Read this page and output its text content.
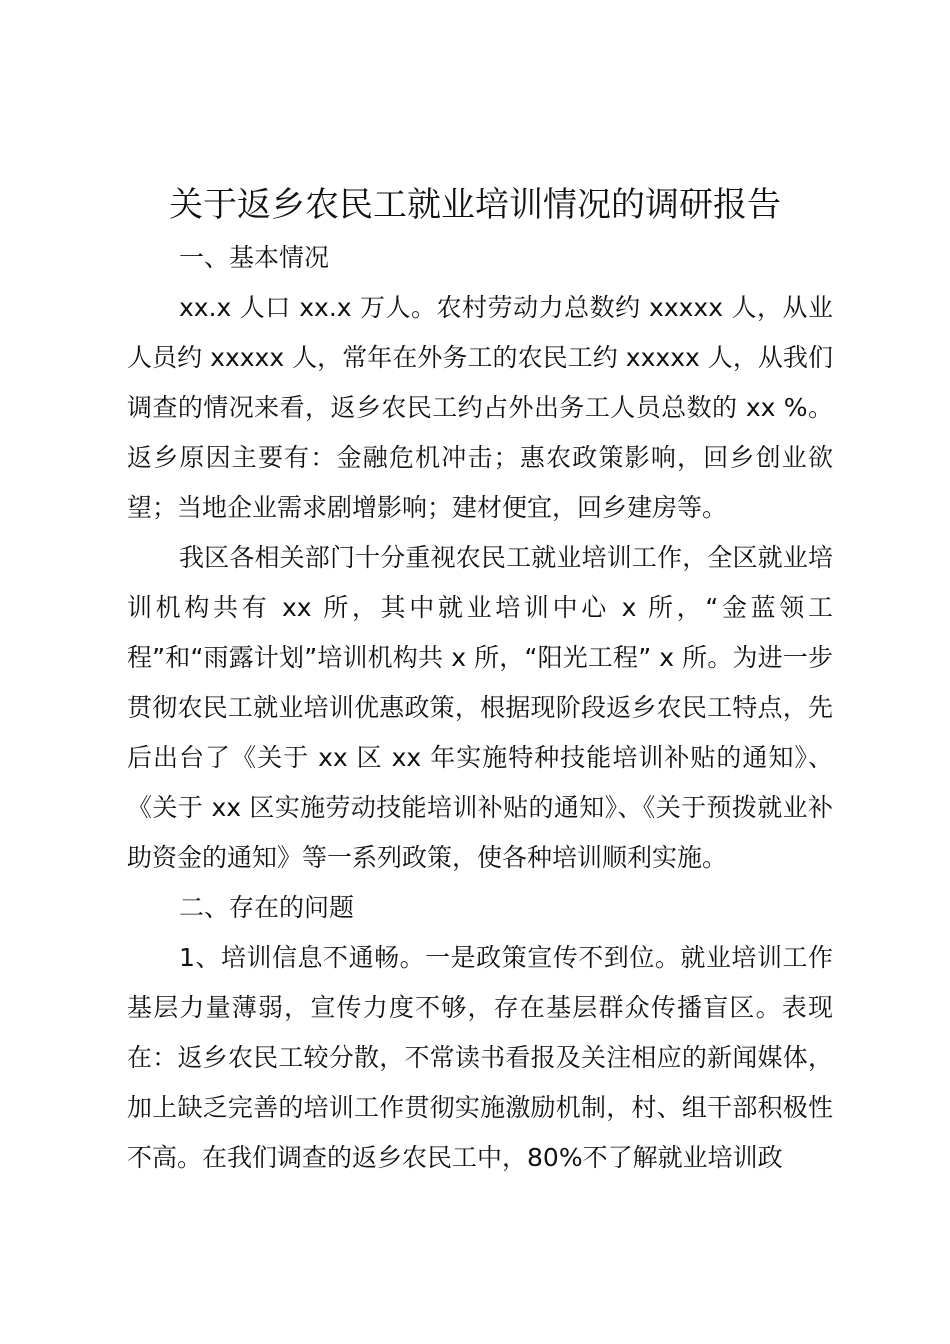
关于返乡农民工就业培训情况的调研报告

一、基本情况

xx.x 人口 xx.x 万人。农村劳动力总数约 xxxxx 人，从业人员约 xxxxx 人，常年在外务工的农民工约 xxxxx 人，从我们调查的情况来看，返乡农民工约占外出务工人员总数的 xx %。返乡原因主要有：金融危机冲击；惠农政策影响，回乡创业欲望；当地企业需求剧增影响；建材便宜，回乡建房等。

我区各相关部门十分重视农民工就业培训工作，全区就业培训机构共有 xx 所，其中就业培训中心 x 所，“金蓝领工程”和“雨露计划”培训机构共 x 所，“阳光工程” x 所。为进一步贯彻农民工就业培训优惠政策，根据现阶段返乡农民工特点，先后出台了《关于 xx 区 xx 年实施特种技能培训补贴的通知》、《关于 xx 区实施劳动技能培训补贴的通知》、《关于预拨就业补助资金的通知》等一系列政策，使各种培训顺利实施。

二、存在的问题

1、培训信息不通畅。一是政策宣传不到位。就业培训工作基层力量薄弱，宣传力度不够，存在基层群众传播盲区。表现在：返乡农民工较分散，不常读书看报及关注相应的新闻媒体，加上缺乏完善的培训工作贯彻实施激励机制，村、组干部积极性不高。在我们调查的返乡农民工中，80%不了解就业培训政
